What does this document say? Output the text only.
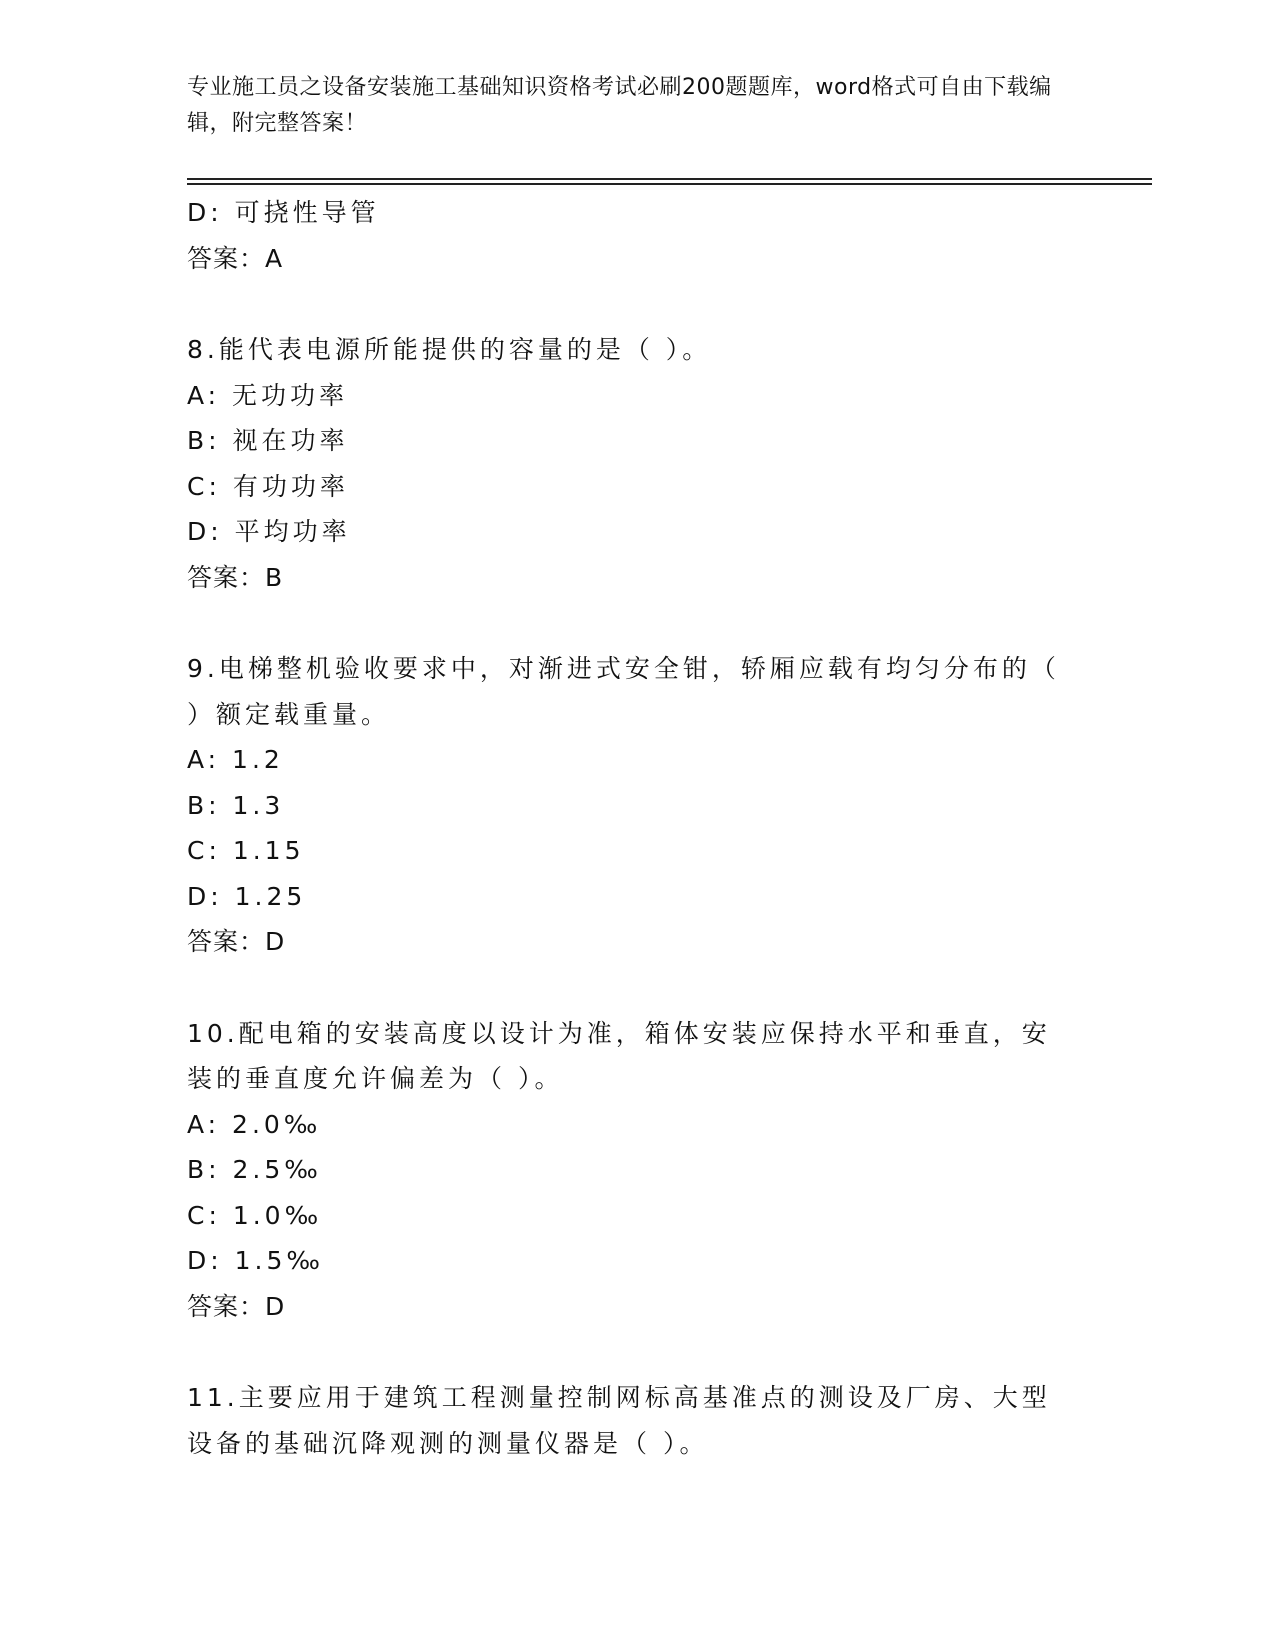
专业施工员之设备安装施工基础知识资格考试必刷200题题库，word格式可自由下载编辑，附完整答案！
D: 可挠性导管
答案：A
8.能代表电源所能提供的容量的是（ ）。
A: 无功功率
B: 视在功率
C: 有功功率
D: 平均功率
答案：B
9.电梯整机验收要求中，对渐进式安全钳，轿厢应载有均匀分布的（ ）额定载重量。
A: 1.2
B: 1.3
C: 1.15
D: 1.25
答案：D
10.配电箱的安装高度以设计为准，箱体安装应保持水平和垂直，安装的垂直度允许偏差为（ ）。
A: 2.0‰
B: 2.5‰
C: 1.0‰
D: 1.5‰
答案：D
11.主要应用于建筑工程测量控制网标高基准点的测设及厂房、大型设备的基础沉降观测的测量仪器是（ ）。
